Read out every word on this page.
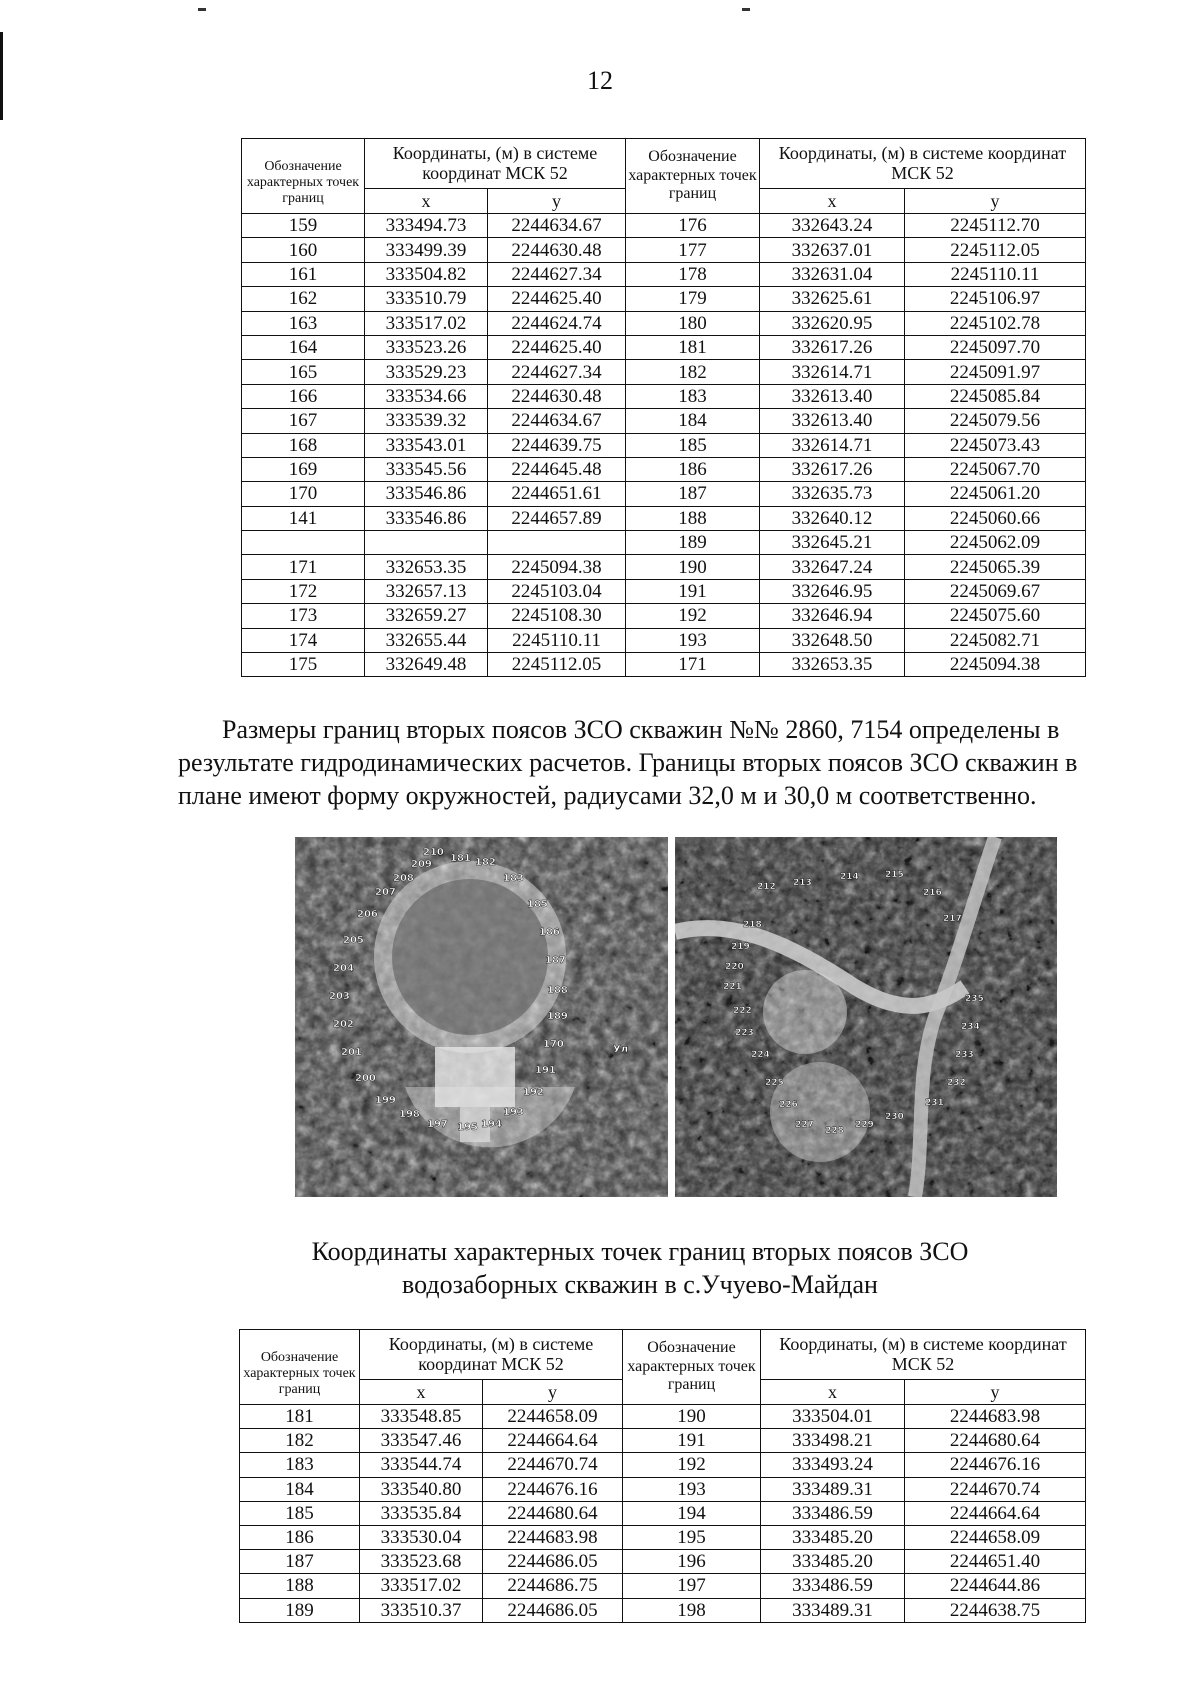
12
Обозначение характерных точек границ	Координаты, (м) в системе координат МСК 52		Обозначение характерных точек границ	Координаты, (м) в системе координат МСК 52	
	х	у		х	у
159	333494.73	2244634.67	176	332643.24	2245112.70
160	333499.39	2244630.48	177	332637.01	2245112.05
161	333504.82	2244627.34	178	332631.04	2245110.11
162	333510.79	2244625.40	179	332625.61	2245106.97
163	333517.02	2244624.74	180	332620.95	2245102.78
164	333523.26	2244625.40	181	332617.26	2245097.70
165	333529.23	2244627.34	182	332614.71	2245091.97
166	333534.66	2244630.48	183	332613.40	2245085.84
167	333539.32	2244634.67	184	332613.40	2245079.56
168	333543.01	2244639.75	185	332614.71	2245073.43
169	333545.56	2244645.48	186	332617.26	2245067.70
170	333546.86	2244651.61	187	332635.73	2245061.20
141	333546.86	2244657.89	188	332640.12	2245060.66
			189	332645.21	2245062.09
171	332653.35	2245094.38	190	332647.24	2245065.39
172	332657.13	2245103.04	191	332646.95	2245069.67
173	332659.27	2245108.30	192	332646.94	2245075.60
174	332655.44	2245110.11	193	332648.50	2245082.71
175	332649.48	2245112.05	171	332653.35	2245094.38
Размеры границ вторых поясов ЗСО скважин №№ 2860, 7154 определены в результате гидродинамических расчетов. Границы вторых поясов ЗСО скважин в плане имеют форму окружностей, радиусами 32,0 м и 30,0 м соответственно.
210
181 182
183
185
186
187
188
189
170
191
192
193
194
195
197
198
199
200
201
202
203
204
205
206
207
208
209
Ул
212 213
214	215
216
217
218
219
220
221
222
223
224
225
226
227
228
229
230
231
232
233
234
235
Координаты характерных точек границ вторых поясов ЗСО
водозаборных скважин в с.Учуево-Майдан
Обозначение характерных точек границ	Координаты, (м) в системе координат МСК 52		Обозначение характерных точек границ	Координаты, (м) в системе координат МСК 52	
	х	у		х	у
181	333548.85	2244658.09	190	333504.01	2244683.98
182	333547.46	2244664.64	191	333498.21	2244680.64
183	333544.74	2244670.74	192	333493.24	2244676.16
184	333540.80	2244676.16	193	333489.31	2244670.74
185	333535.84	2244680.64	194	333486.59	2244664.64
186	333530.04	2244683.98	195	333485.20	2244658.09
187	333523.68	2244686.05	196	333485.20	2244651.40
188	333517.02	2244686.75	197	333486.59	2244644.86
189	333510.37	2244686.05	198	333489.31	2244638.75
